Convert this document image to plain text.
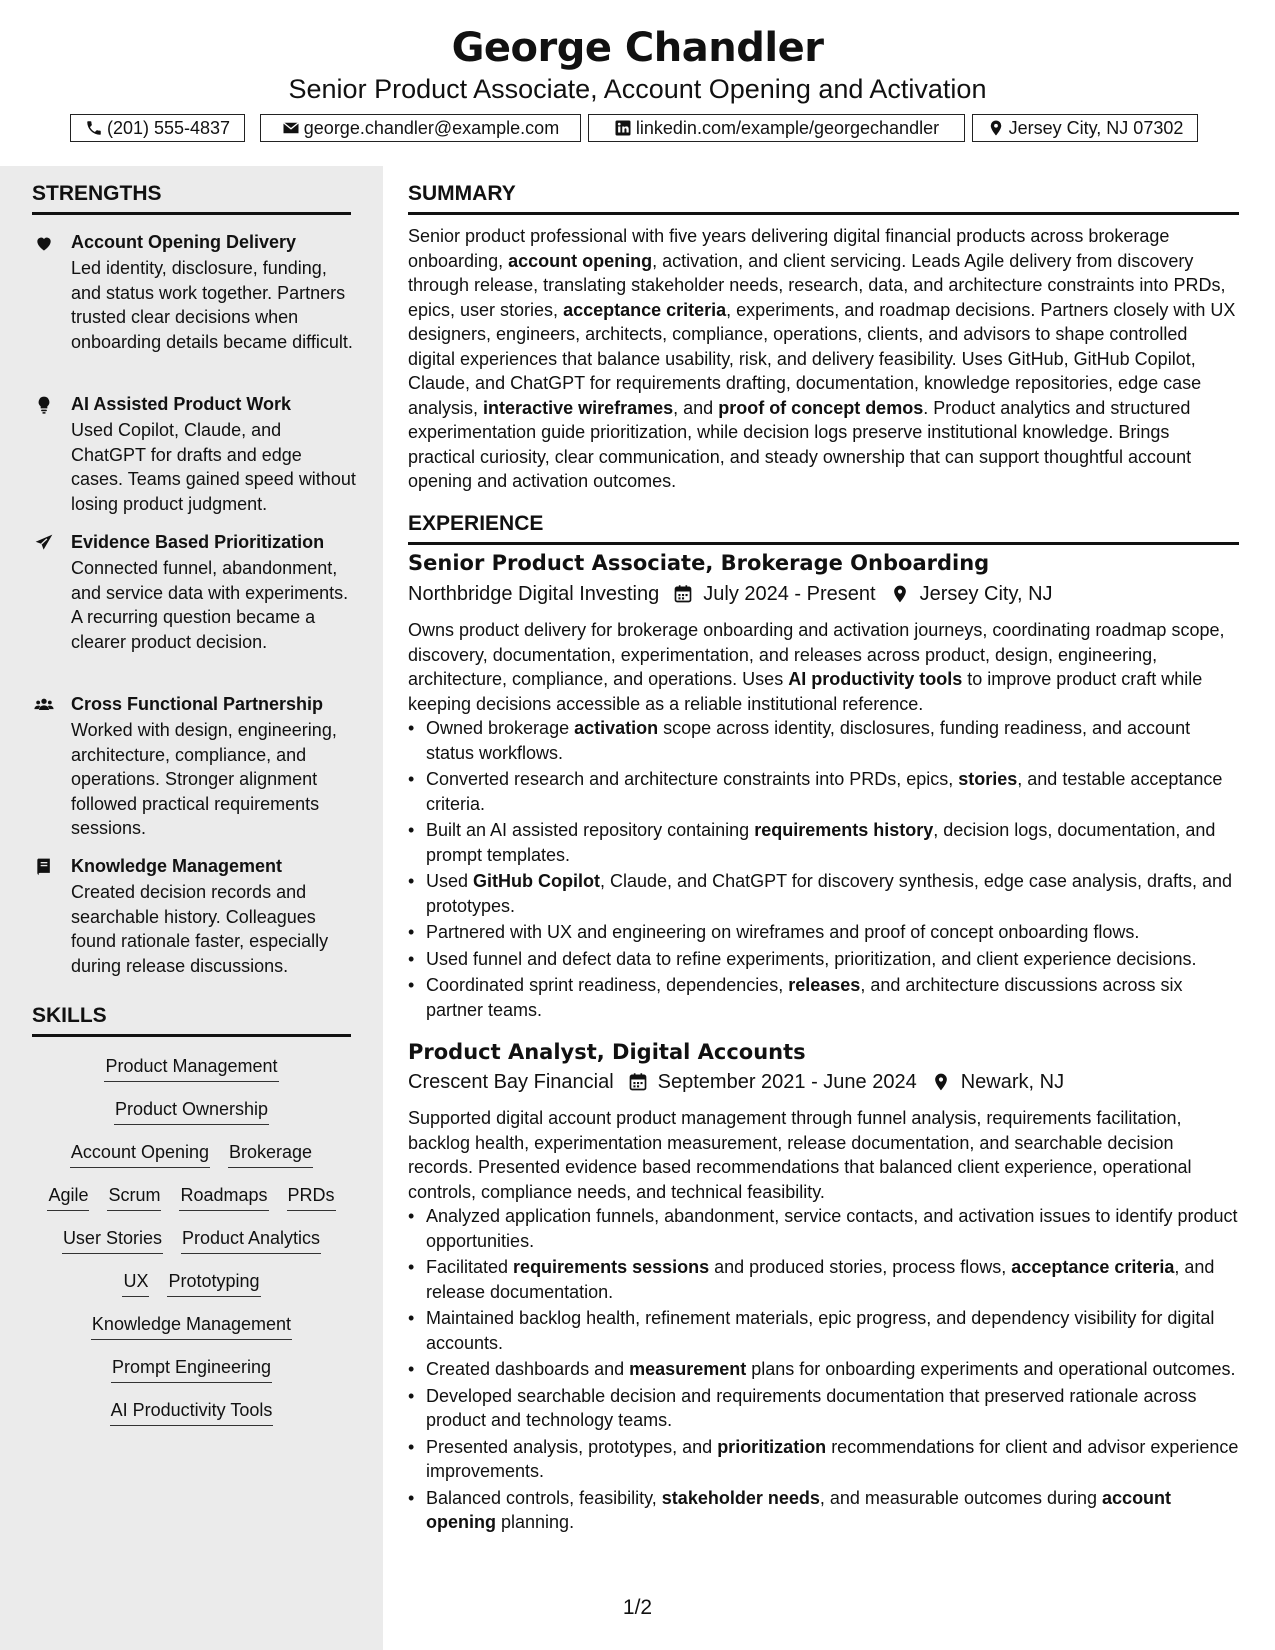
George Chandler
Senior Product Associate, Account Opening and Activation
(201) 555-4837	george.chandler@example.com	linkedin.com/example/georgechandler	Jersey City, NJ 07302
STRENGTHS
Account Opening Delivery
Led identity, disclosure, funding, and status work together. Partners trusted clear decisions when onboarding details became difficult.
AI Assisted Product Work
Used Copilot, Claude, and ChatGPT for drafts and edge cases. Teams gained speed without losing product judgment.
Evidence Based Prioritization
Connected funnel, abandonment, and service data with experiments. A recurring question became a clearer product decision.
Cross Functional Partnership
Worked with design, engineering, architecture, compliance, and operations. Stronger alignment followed practical requirements sessions.
Knowledge Management
Created decision records and searchable history. Colleagues found rationale faster, especially during release discussions.
SKILLS
Product Management
Product Ownership
Account Opening Brokerage
Agile Scrum Roadmaps PRDs
User Stories Product Analytics
UX Prototyping
Knowledge Management
Prompt Engineering
AI Productivity Tools
SUMMARY
Senior product professional with five years delivering digital financial products across brokerage onboarding, account opening, activation, and client servicing. Leads Agile delivery from discovery through release, translating stakeholder needs, research, data, and architecture constraints into PRDs, epics, user stories, acceptance criteria, experiments, and roadmap decisions. Partners closely with UX designers, engineers, architects, compliance, operations, clients, and advisors to shape controlled digital experiences that balance usability, risk, and delivery feasibility. Uses GitHub, GitHub Copilot, Claude, and ChatGPT for requirements drafting, documentation, knowledge repositories, edge case analysis, interactive wireframes, and proof of concept demos. Product analytics and structured experimentation guide prioritization, while decision logs preserve institutional knowledge. Brings practical curiosity, clear communication, and steady ownership that can support thoughtful account opening and activation outcomes.
EXPERIENCE
Senior Product Associate, Brokerage Onboarding
Northbridge Digital Investing July 2024 - Present Jersey City, NJ
Owns product delivery for brokerage onboarding and activation journeys, coordinating roadmap scope, discovery, documentation, experimentation, and releases across product, design, engineering, architecture, compliance, and operations. Uses AI productivity tools to improve product craft while keeping decisions accessible as a reliable institutional reference.
• Owned brokerage activation scope across identity, disclosures, funding readiness, and account status workflows.
• Converted research and architecture constraints into PRDs, epics, stories, and testable acceptance criteria.
• Built an AI assisted repository containing requirements history, decision logs, documentation, and prompt templates.
• Used GitHub Copilot, Claude, and ChatGPT for discovery synthesis, edge case analysis, drafts, and prototypes.
• Partnered with UX and engineering on wireframes and proof of concept onboarding flows.
• Used funnel and defect data to refine experiments, prioritization, and client experience decisions.
• Coordinated sprint readiness, dependencies, releases, and architecture discussions across six partner teams.
Product Analyst, Digital Accounts
Crescent Bay Financial September 2021 - June 2024 Newark, NJ
Supported digital account product management through funnel analysis, requirements facilitation, backlog health, experimentation measurement, release documentation, and searchable decision records. Presented evidence based recommendations that balanced client experience, operational controls, compliance needs, and technical feasibility.
• Analyzed application funnels, abandonment, service contacts, and activation issues to identify product opportunities.
• Facilitated requirements sessions and produced stories, process flows, acceptance criteria, and release documentation.
• Maintained backlog health, refinement materials, epic progress, and dependency visibility for digital accounts.
• Created dashboards and measurement plans for onboarding experiments and operational outcomes.
• Developed searchable decision and requirements documentation that preserved rationale across product and technology teams.
• Presented analysis, prototypes, and prioritization recommendations for client and advisor experience improvements.
• Balanced controls, feasibility, stakeholder needs, and measurable outcomes during account opening planning.
1/2
